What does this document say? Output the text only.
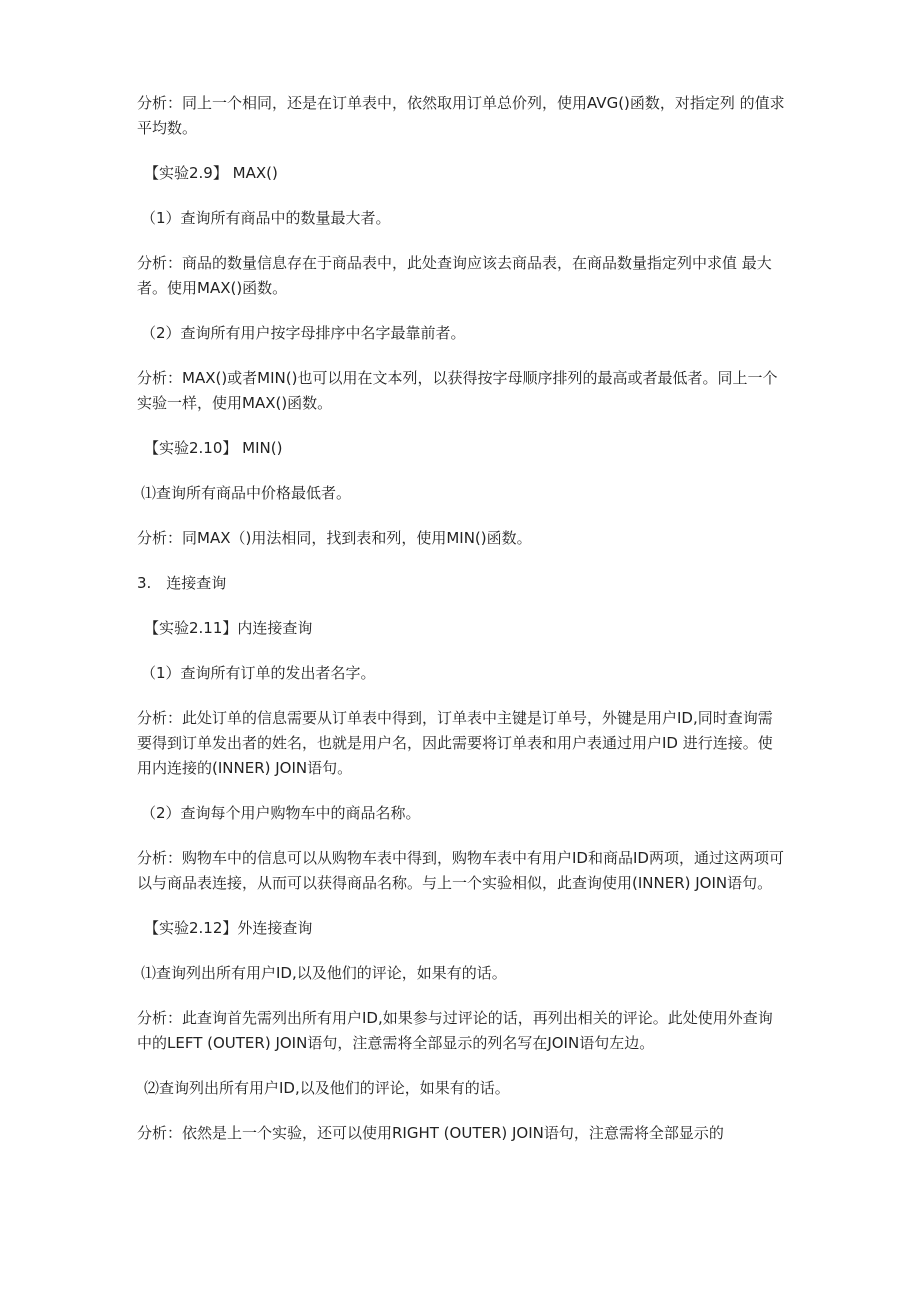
分析：同上一个相同，还是在订单表中，依然取用订单总价列，使用AVG()函数，对指定列 的值求平均数。

【实验2.9】 MAX()

（1）查询所有商品中的数量最大者。

分析：商品的数量信息存在于商品表中，此处查询应该去商品表，在商品数量指定列中求值 最大者。使用MAX()函数。

（2）查询所有用户按字母排序中名字最靠前者。

分析：MAX()或者MIN()也可以用在文本列，以获得按字母顺序排列的最高或者最低者。同上一个实验一样，使用MAX()函数。

【实验2.10】 MIN()

⑴查询所有商品中价格最低者。

分析：同MAX（)用法相同，找到表和列，使用MIN()函数。

3.　连接查询

【实验2.11】内连接查询

（1）查询所有订单的发出者名字。

分析：此处订单的信息需要从订单表中得到，订单表中主键是订单号，外键是用户ID,同时查询需要得到订单发出者的姓名，也就是用户名，因此需要将订单表和用户表通过用户ID 进行连接。使用内连接的(INNER) JOIN语句。

（2）查询每个用户购物车中的商品名称。

分析：购物车中的信息可以从购物车表中得到，购物车表中有用户ID和商品ID两项，通过这两项可以与商品表连接，从而可以获得商品名称。与上一个实验相似，此查询使用(INNER) JOIN语句。

【实验2.12】外连接查询

⑴查询列出所有用户ID,以及他们的评论，如果有的话。

分析：此查询首先需列出所有用户ID,如果参与过评论的话，再列出相关的评论。此处使用外查询中的LEFT (OUTER) JOIN语句，注意需将全部显示的列名写在JOIN语句左边。

⑵查询列出所有用户ID,以及他们的评论，如果有的话。

分析：依然是上一个实验，还可以使用RIGHT (OUTER) JOIN语句，注意需将全部显示的
